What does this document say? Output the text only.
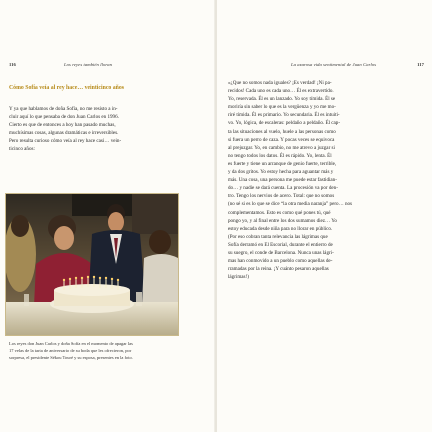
116	Los reyes también lloran
Cómo Sofía veía al rey hace… veinticinco años
Y ya que hablamos de doña Sofía, no me resisto a in-
cluir aquí lo que pensaba de don Juan Carlos en 1996.
Cierto es que de entonces a hoy han pasado muchas,
muchísimas cosas, algunas dramáticas e irreversibles.
Pero resulta curioso cómo veía al rey hace casi… vein-
ticinco años:
Los reyes don Juan Carlos y doña Sofía en el momento de apagar las
17 velas de la tarta de aniversario de su boda que les ofrecieron, por
sorpresa, el presidente Sékou Touré y su esposa, presentes en la foto.
La azarosa vida sentimental de Juan Carlos	117
«¿Que no somos nada iguales? ¡Es verdad! ¡Ni pa-
recidos! Cada uno es cada uno… Él es extravertido.
Yo, reservada. Él es un lanzado. Yo soy tímida. Él se
moriría sin saber lo que es la vergüenza y yo me mo-
riré tímida. Él es primario. Yo secundaria. Él es intuiti-
vo. Yo, lógica, de escaleras: peldaño a peldaño. Él cap-
ta las situaciones al vuelo, huele a las personas como
si fuera un perro de caza. Y pocas veces se equivoca
al prejuzgar. Yo, en cambio, no me atrevo a juzgar si
no tengo todos los datos. Él es rápido. Yo, lenta. Él
es fuerte y tiene un arranque de genio fuerte, terrible,
y da dos gritos. Yo estoy hecha para aguantar más y
más. Una cosa, una persona me puede estar fastidian-
do… y nadie se dará cuenta. La procesión va por den-
tro. Tengo los nervios de acero. Total: que no somos
(no sé si es lo que se dice “la otra media naranja” pero… nos
complementamos. Esto es como qué pones tú, qué
pongo yo, y al final entre los dos sumamos diez… Yo
estoy educada desde niña para no llorar en público.
(Por eso cobran tanta relevancia las lágrimas que
Sofía derramó en El Escorial, durante el entierro de
su suegro, el conde de Barcelona. Nunca unas lágri-
mas han conmovido a un pueblo como aquellas de-
rramadas por la reina. ¡Y cuánto pesaron aquellas
lágrimas!)
